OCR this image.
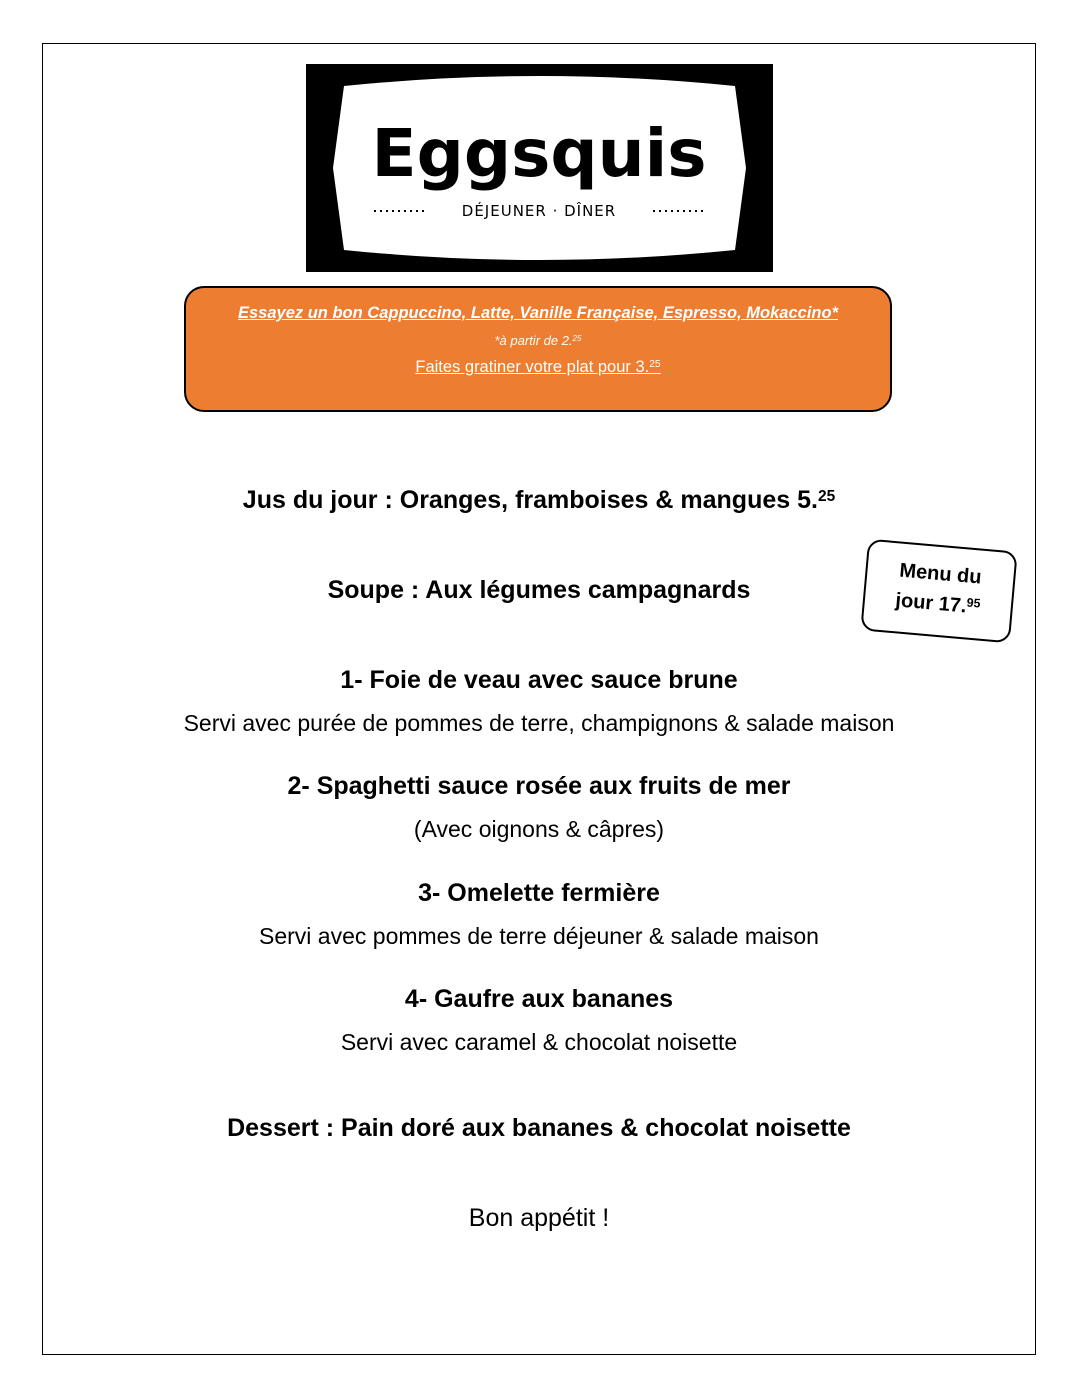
Eggsquis
DÉJEUNER · DÎNER
Essayez un bon Cappuccino, Latte, Vanille Française, Espresso, Mokaccino*
*à partir de 2.25
Faites gratiner votre plat pour 3.25
Jus du jour : Oranges, framboises & mangues 5.25
Menu du
jour 17.95
Soupe : Aux légumes campagnards
1- Foie de veau avec sauce brune
Servi avec purée de pommes de terre, champignons & salade maison
2- Spaghetti sauce rosée aux fruits de mer
(Avec oignons & câpres)
3- Omelette fermière
Servi avec pommes de terre déjeuner & salade maison
4- Gaufre aux bananes
Servi avec caramel & chocolat noisette
Dessert : Pain doré aux bananes & chocolat noisette
Bon appétit !
